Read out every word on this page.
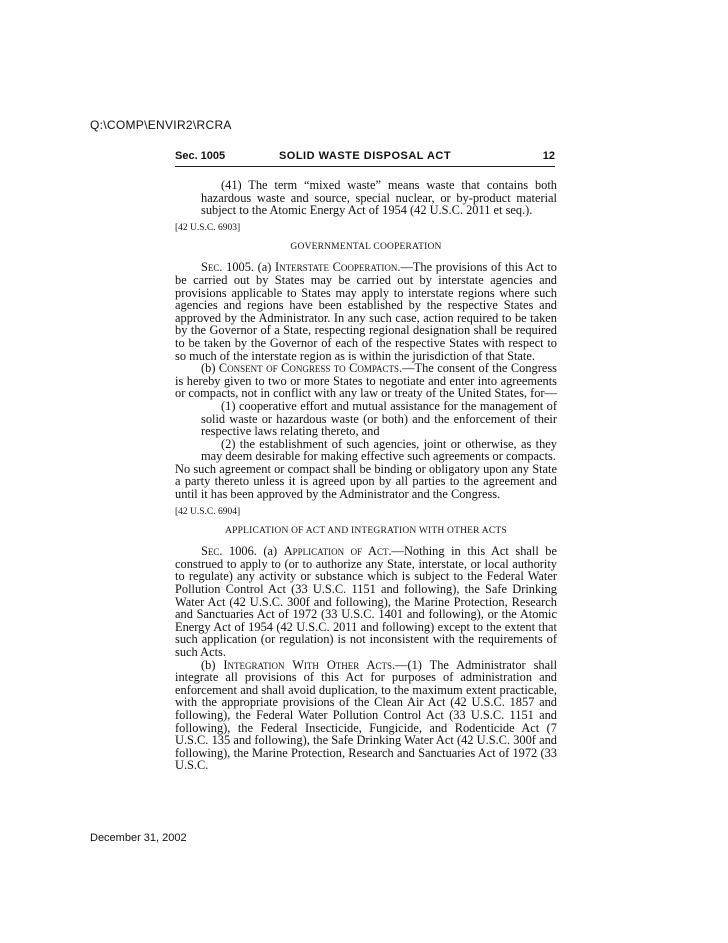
Q:\COMP\ENVIR2\RCRA
Sec. 1005	SOLID WASTE DISPOSAL ACT	12

(41) The term “mixed waste” means waste that contains both hazardous waste and source, special nuclear, or by-product material subject to the Atomic Energy Act of 1954 (42 U.S.C. 2011 et seq.).

[42 U.S.C. 6903]
GOVERNMENTAL COOPERATION

Sec. 1005. (a) Interstate Cooperation.—The provisions of this Act to be carried out by States may be carried out by interstate agencies and provisions applicable to States may apply to interstate regions where such agencies and regions have been established by the respective States and approved by the Administrator. In any such case, action required to be taken by the Governor of a State, respecting regional designation shall be required to be taken by the Governor of each of the respective States with respect to so much of the interstate region as is within the jurisdiction of that State.

(b) Consent of Congress to Compacts.—The consent of the Congress is hereby given to two or more States to negotiate and enter into agreements or compacts, not in conflict with any law or treaty of the United States, for—

(1) cooperative effort and mutual assistance for the management of solid waste or hazardous waste (or both) and the enforcement of their respective laws relating thereto, and

(2) the establishment of such agencies, joint or otherwise, as they may deem desirable for making effective such agreements or compacts.

No such agreement or compact shall be binding or obligatory upon any State a party thereto unless it is agreed upon by all parties to the agreement and until it has been approved by the Administrator and the Congress.

[42 U.S.C. 6904]
APPLICATION OF ACT AND INTEGRATION WITH OTHER ACTS

Sec. 1006. (a) Application of Act.—Nothing in this Act shall be construed to apply to (or to authorize any State, interstate, or local authority to regulate) any activity or substance which is subject to the Federal Water Pollution Control Act (33 U.S.C. 1151 and following), the Safe Drinking Water Act (42 U.S.C. 300f and following), the Marine Protection, Research and Sanctuaries Act of 1972 (33 U.S.C. 1401 and following), or the Atomic Energy Act of 1954 (42 U.S.C. 2011 and following) except to the extent that such application (or regulation) is not inconsistent with the requirements of such Acts.

(b) Integration With Other Acts.—(1) The Administrator shall integrate all provisions of this Act for purposes of administration and enforcement and shall avoid duplication, to the maximum extent practicable, with the appropriate provisions of the Clean Air Act (42 U.S.C. 1857 and following), the Federal Water Pollution Control Act (33 U.S.C. 1151 and following), the Federal Insecticide, Fungicide, and Rodenticide Act (7 U.S.C. 135 and following), the Safe Drinking Water Act (42 U.S.C. 300f and following), the Marine Protection, Research and Sanctuaries Act of 1972 (33 U.S.C.

December 31, 2002
